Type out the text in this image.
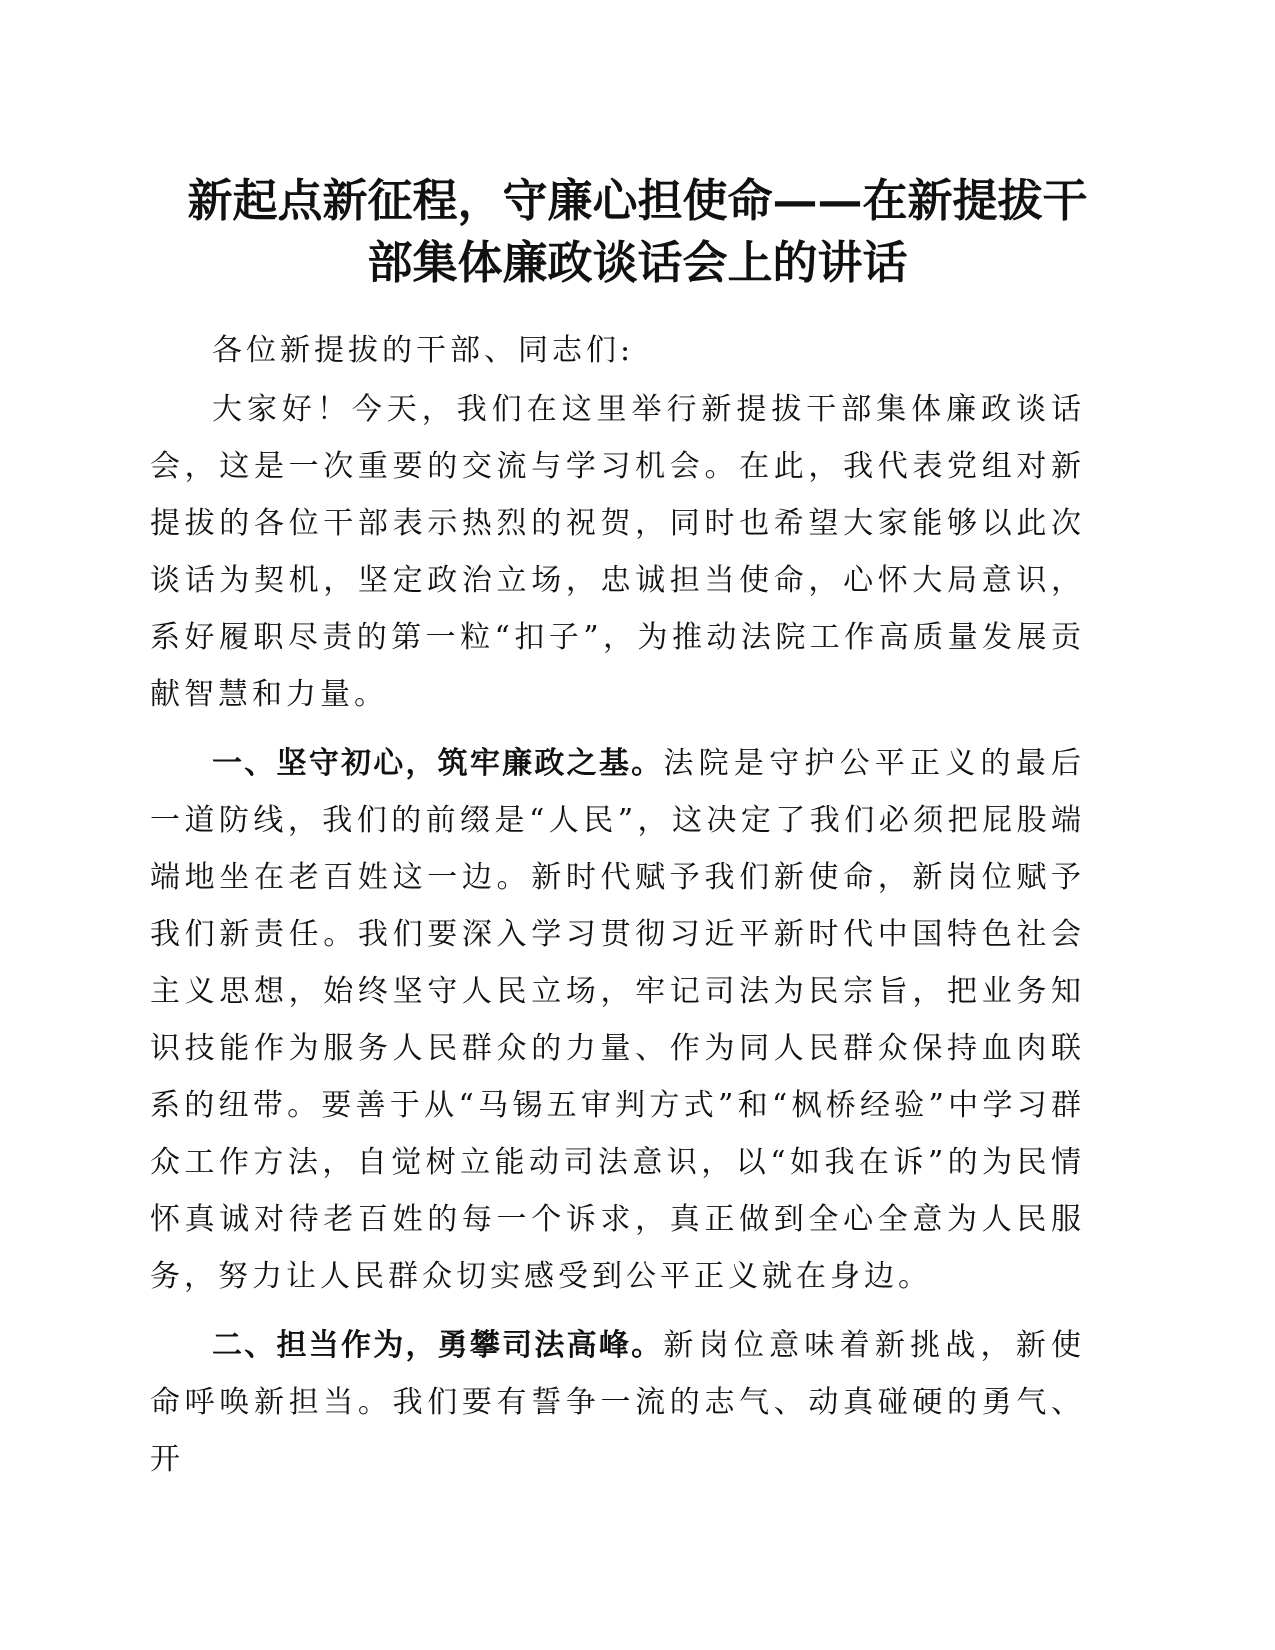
新起点新征程，守廉心担使命——在新提拔干
部集体廉政谈话会上的讲话

各位新提拔的干部、同志们:

大家好！今天，我们在这里举行新提拔干部集体廉政谈话会，这是一次重要的交流与学习机会。在此，我代表党组对新提拔的各位干部表示热烈的祝贺，同时也希望大家能够以此次谈话为契机，坚定政治立场，忠诚担当使命，心怀大局意识，系好履职尽责的第一粒“扣子”，为推动法院工作高质量发展贡献智慧和力量。

一、坚守初心，筑牢廉政之基。法院是守护公平正义的最后一道防线，我们的前缀是“人民”，这决定了我们必须把屁股端端地坐在老百姓这一边。新时代赋予我们新使命，新岗位赋予我们新责任。我们要深入学习贯彻习近平新时代中国特色社会主义思想，始终坚守人民立场，牢记司法为民宗旨，把业务知识技能作为服务人民群众的力量、作为同人民群众保持血肉联系的纽带。要善于从“马锡五审判方式”和“枫桥经验”中学习群众工作方法，自觉树立能动司法意识，以“如我在诉”的为民情怀真诚对待老百姓的每一个诉求，真正做到全心全意为人民服务，努力让人民群众切实感受到公平正义就在身边。

二、担当作为，勇攀司法高峰。新岗位意味着新挑战，新使命呼唤新担当。我们要有誓争一流的志气、动真碰硬的勇气、开
